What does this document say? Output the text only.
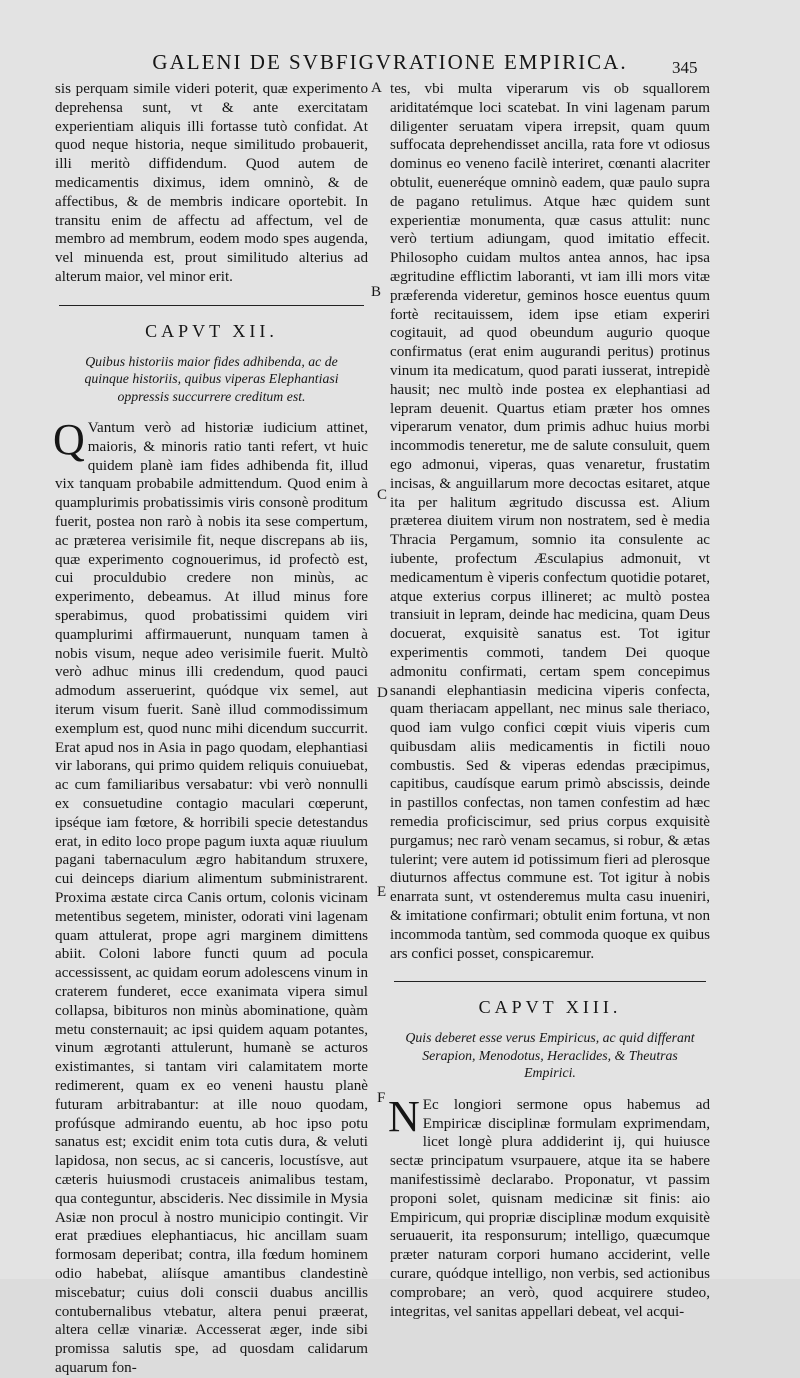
GALENI DE SVBFIGVRATIONE EMPIRICA.	345
A
B
C
D
E
F

sis perquam simile videri poterit, quæ experimento deprehensa sunt, vt & ante exercitatam experientiam aliquis illi fortasse tutò confidat. At quod neque historia, neque similitudo probauerit, illi meritò diffidendum. Quod autem de medicamentis diximus, idem omninò, & de affectibus, & de membris indicare oportebit. In transitu enim de affectu ad affectum, vel de membro ad membrum, eodem modo spes augenda, vel minuenda est, prout similitudo alterius ad alterum maior, vel minor erit.

CAPVT XII.
Quibus historiis maior fides adhibenda, ac de quinque historiis, quibus viperas Elephantiasi oppressis succurrere creditum est.

Q Vantum verò ad historiæ iudicium attinet, maioris, & minoris ratio tanti refert, vt huic quidem planè iam fides adhibenda fit, illud vix tanquam probabile admittendum. Quod enim à quamplurimis probatissimis viris consonè proditum fuerit, postea non rarò à nobis ita sese compertum, ac præterea verisimile fit, neque discrepans ab iis, quæ experimento cognouerimus, id profectò est, cui proculdubio credere non minùs, ac experimento, debeamus. At illud minus fore sperabimus, quod probatissimi quidem viri quamplurimi affirmauerunt, nunquam tamen à nobis visum, neque adeo verisimile fuerit. Multò verò adhuc minus illi credendum, quod pauci admodum asseruerint, quódque vix semel, aut iterum visum fuerit. Sanè illud commodissimum exemplum est, quod nunc mihi dicendum succurrit. Erat apud nos in Asia in pago quodam, elephantiasi vir laborans, qui primo quidem reliquis conuiuebat, ac cum familiaribus versabatur: vbi verò nonnulli ex consuetudine contagio maculari cœperunt, ipséque iam fœtore, & horribili specie detestandus erat, in edito loco prope pagum iuxta aquæ riuulum pagani tabernaculum ægro habitandum struxere, cui deinceps diarium alimentum subministrarent. Proxima æstate circa Canis ortum, colonis vicinam metentibus segetem, minister, odorati vini lagenam quam attulerat, prope agri marginem dimittens abiit. Coloni labore functi quum ad pocula accessissent, ac quidam eorum adolescens vinum in craterem funderet, ecce exanimata vipera simul collapsa, bibituros non minùs abominatione, quàm metu consternauit; ac ipsi quidem aquam potantes, vinum ægrotanti attulerunt, humanè se acturos existimantes, si tantam viri calamitatem morte redimerent, quam ex eo veneni haustu planè futuram arbitrabantur: at ille nouo quodam, profúsque admirando euentu, ab hoc ipso potu sanatus est; excidit enim tota cutis dura, & veluti lapidosa, non secus, ac si canceris, locustísve, aut cæteris huiusmodi crustaceis animalibus testam, qua conteguntur, abscideris. Nec dissimile in Mysia Asiæ non procul à nostro municipio contingit. Vir erat prædiues elephantiacus, hic ancillam suam formosam deperibat; contra, illa fœdum hominem odio habebat, aliísque amantibus clandestinè miscebatur; cuius doli conscii duabus ancillis contubernalibus vtebatur, altera penui præerat, altera cellæ vinariæ. Accesserat æger, inde sibi promissa salutis spe, ad quosdam calidarum aquarum fon-

tes, vbi multa viperarum vis ob squallorem ariditatémque loci scatebat. In vini lagenam parum diligenter seruatam vipera irrepsit, quam quum suffocata deprehendisset ancilla, rata fore vt odiosus dominus eo veneno facilè interiret, cœnanti alacriter obtulit, eueneréque omninò eadem, quæ paulo supra de pagano retulimus. Atque hæc quidem sunt experientiæ monumenta, quæ casus attulit: nunc verò tertium adiungam, quod imitatio effecit. Philosopho cuidam multos antea annos, hac ipsa ægritudine efflictim laboranti, vt iam illi mors vitæ præferenda videretur, geminos hosce euentus quum fortè recitauissem, idem ipse etiam experiri cogitauit, ad quod obeundum augurio quoque confirmatus (erat enim augurandi peritus) protinus vinum ita medicatum, quod parati iusserat, intrepidè hausit; nec multò inde postea ex elephantiasi ad lepram deuenit. Quartus etiam præter hos omnes viperarum venator, dum primis adhuc huius morbi incommodis teneretur, me de salute consuluit, quem ego admonui, viperas, quas venaretur, frustatim incisas, & anguillarum more decoctas esitaret, atque ita per halitum ægritudo discussa est. Alium præterea diuitem virum non nostratem, sed è media Thracia Pergamum, somnio ita consulente ac iubente, profectum Æsculapius admonuit, vt medicamentum è viperis confectum quotidie potaret, atque exterius corpus illineret; ac multò postea transiuit in lepram, deinde hac medicina, quam Deus docuerat, exquisitè sanatus est. Tot igitur experimentis commoti, tandem Dei quoque admonitu confirmati, certam spem concepimus sanandi elephantiasin medicina viperis confecta, quam theriacam appellant, nec minus sale theriaco, quod iam vulgo confici cœpit viuis viperis cum quibusdam aliis medicamentis in fictili nouo combustis. Sed & viperas edendas præcipimus, capitibus, caudísque earum primò abscissis, deinde in pastillos confectas, non tamen confestim ad hæc remedia proficiscimur, sed prius corpus exquisitè purgamus; nec rarò venam secamus, si robur, & ætas tulerint; vere autem id potissimum fieri ad plerosque diuturnos affectus commune est. Tot igitur à nobis enarrata sunt, vt ostenderemus multa casu inueniri, & imitatione confirmari; obtulit enim fortuna, vt non incommoda tantùm, sed commoda quoque ex quibus ars confici posset, conspicaremur.

CAPVT XIII.
Quis deberet esse verus Empiricus, ac quid differant Serapion, Menodotus, Heraclides, & Theutras Empirici.

N Ec longiori sermone opus habemus ad Empiricæ disciplinæ formulam exprimendam, licet longè plura addiderint ij, qui huiusce sectæ principatum vsurpauere, atque ita se habere manifestissimè declarabo. Proponatur, vt passim proponi solet, quisnam medicinæ sit finis: aio Empiricum, qui propriæ disciplinæ modum exquisitè seruauerit, ita responsurum; intelligo, quæcumque præter naturam corpori humano acciderint, velle curare, quódque intelligo, non verbis, sed actionibus comprobare; an verò, quod acquirere studeo, integritas, vel sanitas appellari debeat, vel acqui-
